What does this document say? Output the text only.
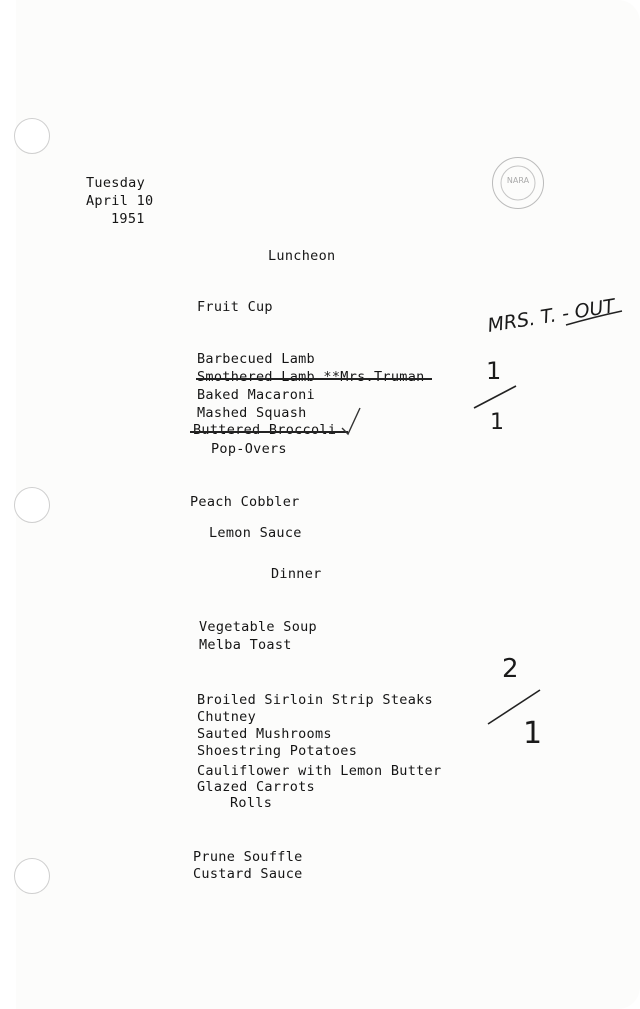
Tuesday
April 10
1951
NARA
Luncheon
Fruit Cup
Barbecued Lamb
Smothered Lamb **Mrs.Truman
Baked Macaroni
Mashed Squash
Buttered Broccoli
Pop-Overs
Peach Cobbler
Lemon Sauce
Dinner
Vegetable Soup
Melba Toast
Broiled Sirloin Strip Steaks
Chutney
Sauted Mushrooms
Shoestring Potatoes
Cauliflower with Lemon Butter
Glazed Carrots
Rolls
Prune Souffle
Custard Sauce
MRS. T. - OUT
1
1
2
1
